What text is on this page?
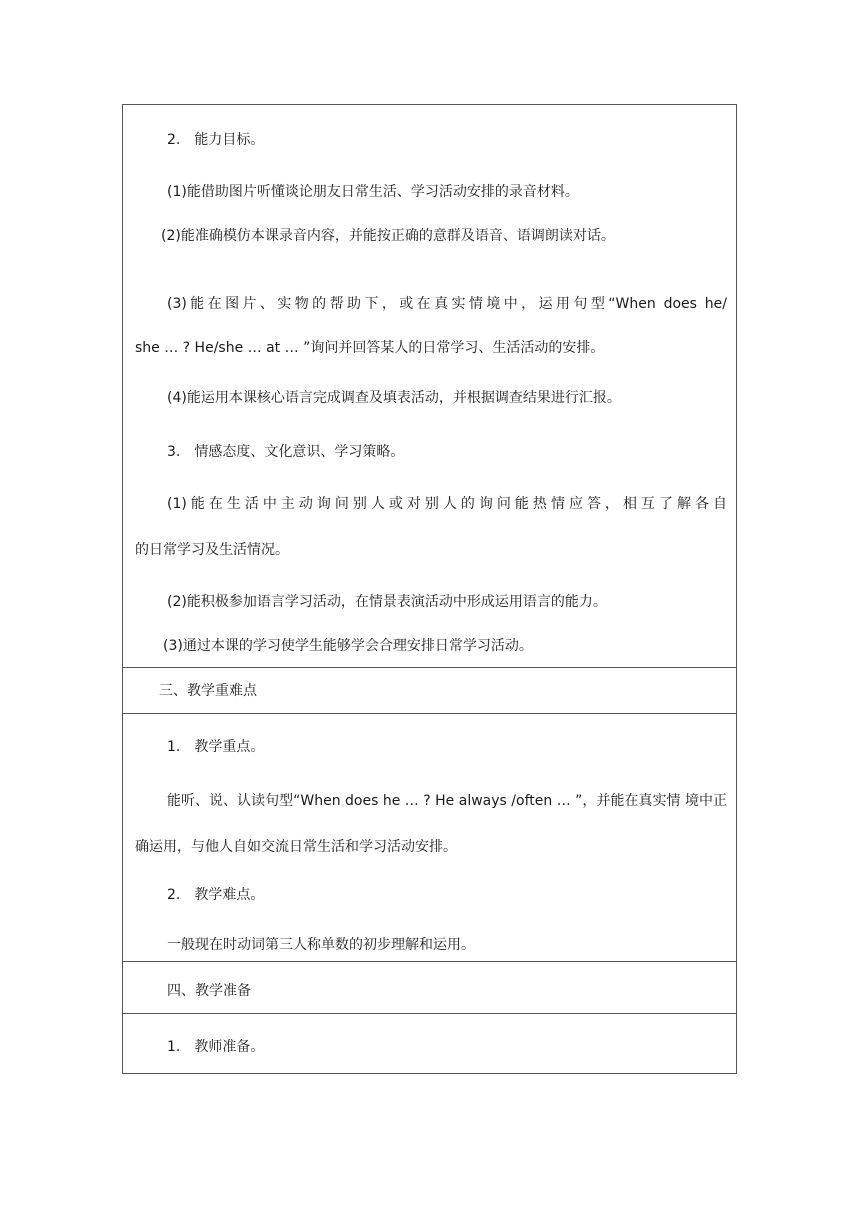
2.　能力目标。
(1)能借助图片听懂谈论朋友日常生活、学习活动安排的录音材料。
(2)能准确模仿本课录音内容，并能按正确的意群及语音、语调朗读对话。
(3)能在图片、实物的帮助下，或在真实情境中，运用句型“When does he/
she … ? He/she … at … ”询问并回答某人的日常学习、生活活动的安排。
(4)能运用本课核心语言完成调查及填表活动，并根据调查结果进行汇报。
3.　情感态度、文化意识、学习策略。
(1)能在生活中主动询问别人或对别人的询问能热情应答，相互了解各自
的日常学习及生活情况。
(2)能积极参加语言学习活动，在情景表演活动中形成运用语言的能力。
(3)通过本课的学习使学生能够学会合理安排日常学习活动。
三、教学重难点
1.　教学重点。
能听、说、认读句型“When does he … ? He always /often … ”，并能在真实情 境中正
确运用，与他人自如交流日常生活和学习活动安排。
2.　教学难点。
一般现在时动词第三人称单数的初步理解和运用。
四、教学准备
1.　教师准备。
